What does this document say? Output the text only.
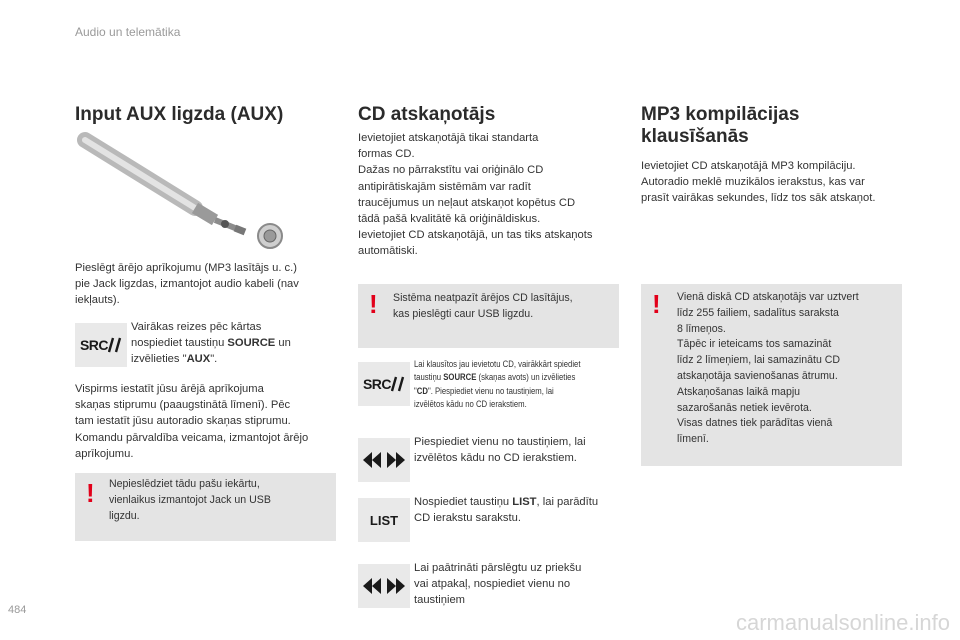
Audio un telemātika
Input AUX ligzda (AUX)

Pieslēgt ārējo aprīkojumu (MP3 lasītājs u. c.)
pie Jack ligzdas, izmantojot audio kabeli (nav
iekļauts).

SRC

Vairākas reizes pēc kārtas
nospiediet taustiņu SOURCE un
izvēlieties "AUX".

Vispirms iestatīt jūsu ārējā aprīkojuma
skaņas stiprumu (paaugstinātā līmenī). Pēc
tam iestatīt jūsu autoradio skaņas stiprumu.
Komandu pārvaldība veicama, izmantojot ārējo
aprīkojumu.

! Nepieslēdziet tādu pašu iekārtu,
vienlaikus izmantojot Jack un USB
ligzdu.

CD atskaņotājs

Ievietojiet atskaņotājā tikai standarta
formas CD.
Dažas no pārrakstītu vai oriģinālo CD
antipirātiskajām sistēmām var radīt
traucējumus un neļaut atskaņot kopētus CD
tādā pašā kvalitātē kā oriģināldiskus.
Ievietojiet CD atskaņotājā, un tas tiks atskaņots
automātiski.

! Sistēma neatpazīt ārējos CD lasītājus,
kas pieslēgti caur USB ligzdu.

SRC

Lai klausītos jau ievietotu CD, vairākkārt spiediet
taustiņu SOURCE (skaņas avots) un izvēlieties
"CD". Piespiediet vienu no taustiņiem, lai
izvēlētos kādu no CD ierakstiem.

Piespiediet vienu no taustiņiem, lai
izvēlētos kādu no CD ierakstiem.

LIST

Nospiediet taustiņu LIST, lai parādītu
CD ierakstu sarakstu.

Lai paātrināti pārslēgtu uz priekšu
vai atpakaļ, nospiediet vienu no
taustiņiem

MP3 kompilācijas
klausīšanās

Ievietojiet CD atskaņotājā MP3 kompilāciju.
Autoradio meklē muzikālos ierakstus, kas var
prasīt vairākas sekundes, līdz tos sāk atskaņot.

! Vienā diskā CD atskaņotājs var uztvert
līdz 255 failiem, sadalītus saraksta
8 līmeņos.
Tāpēc ir ieteicams tos samazināt
līdz 2 līmeņiem, lai samazinātu CD
atskaņotāja savienošanas ātrumu.
Atskaņošanas laikā mapju
sazarošanās netiek ievērota.
Visas datnes tiek parādītas vienā
līmenī.

484	carmanualsonline.info
